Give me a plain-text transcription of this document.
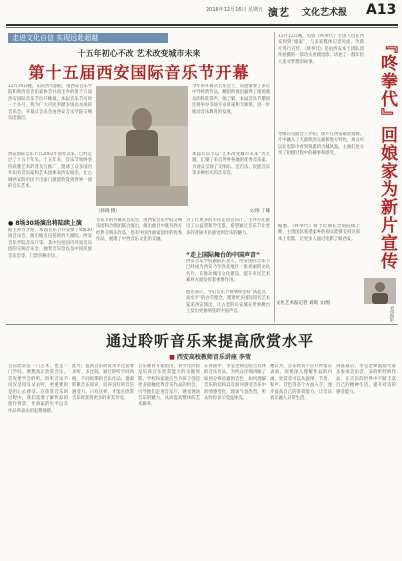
2016年12月16日 星期五 演艺 文化艺术报 A13
走进文化自信 实现远赴超越
十五年初心不改 艺术改变城市未来
第十五届西安国际音乐节开幕
12月10日晚，在陕西大剧院，由西安音乐学院和陕西省音乐家协会共同主办的第十五届西安国际音乐节拉开帷幕。本届音乐节历时一个多月，将为广大市民奉献多场高水准的音乐会。开幕式音乐会由西安音乐学院交响乐团演出。
西安国际音乐节自2002年创办以来，已经走过了十五个年头。十五年来，音乐节始终坚持高雅艺术的普及与推广，邀请了众多国内外知名音乐家和艺术团体来西安演出，让古城西安的市民不出家门就能欣赏到世界一流的音乐艺术。
今年的开幕式音乐会上，乐团演奏了多首中外经典作品，精彩的演出赢得了现场观众的阵阵掌声。据了解，本届音乐节期间还将举办多场专业讲座和大师班，进一步推动音乐教育的发展。
本届音乐节以“艺术改变城市未来”为主题，汇聚了来自世界各地的优秀音乐家，为观众呈现了交响乐、室内乐、民族音乐等多种形式的音乐会。
（韩晓 摄）	文/图 丁娜
● 8场30场演出将陆续上演
据主办方介绍，本届音乐节共安排了8场30场音乐会，演出地点包括陕西大剧院、西安音乐学院音乐厅等。其中包括国内外知名乐团的交响音乐会、独奏音乐会以及中国民族音乐会等，门票价格亲民。
音乐节的开幕式音乐会，由西安音乐学院交响乐团和合唱团联合演出，演出曲目中既有西方经典交响乐作品，也有中国作曲家创作的优秀作品，展现了中西音乐文化的交融。
为了让更多的市民走进音乐厅，主办方还推出了公益票和学生票，希望通过音乐节让更多的普通市民感受到音乐的魅力。
“走上国际舞台的中国声音”
西安音乐学院副院长表示，西安国际音乐节已经成为西安乃至西北地区一张亮丽的文化名片，在推动城市文化建设、提升市民艺术素养方面发挥着重要作用。
他还表示，今后音乐节将继续坚持“高起点、高水平”的办节理念，邀请更多国际知名艺术家来西安演出，让古老的长安城在世界舞台上发出更加响亮的中国声音。
『咚拳代』回娘家为新片宣传
12月12日晚，电影《咚拳代》主创人员在西安回到“娘家”，与多家媒体记者见面，为新片进行宣传。《咚拳代》是由西安本土团队创作拍摄的一部功夫喜剧电影，讲述了一群年轻人追寻梦想的故事。
导演在见面会上介绍，影片在西安取景拍摄，片中融入了大量陕西元素和地方特色，观众可以在电影中看到熟悉的古城风貌。主演们也分享了拍摄过程中的趣事和感受。
据悉，《咚拳代》将于近期在全国院线上映，主创团队希望家乡的观众能够支持这部本土电影，让更多人通过电影了解西安。
文化艺术报记者 刘琪 文/图
刘琪摄影
通过聆听音乐来提高欣赏水平
■ 西安高校教师音乐讲座 李莹
音乐欣赏是一门艺术，也是一门学问。要想真正欣赏音乐，首先要学会聆听。聆听音乐不仅仅是用耳朵去听，更重要的是用心去感受。在欣赏音乐的过程中，我们需要了解作品的创作背景、作曲家的生平以及作品所表达的思想情感。
此外，提高音乐欣赏水平还需要多听、多比较。通过聆听不同风格、不同时期的音乐作品，逐渐积累音乐知识，培养良好的音乐感受力。只有这样，才能在欣赏音乐时获得更多的审美享受。
音乐教育专家指出，青少年阶段是培养音乐欣赏能力的关键时期。学校和家庭应当为孩子创造更多接触优秀音乐作品的机会，引导他们走进音乐厅，感受现场音乐的魅力，从而提高整体的艺术修养。
在讲座中，李莹老师还结合具体的音乐作品，为听众详细讲解了如何分辨乐器的音色、如何理解音乐的结构以及如何感受音乐中的情感变化，现场气氛热烈，听众纷纷表示受益匪浅。
她认为，音乐欣赏不应只停留在表面，而要深入理解作品的内涵。欣赏者可以从旋律、节奏、和声、音色等多个方面入手，逐步提高自己的鉴赏能力，让音乐真正融入日常生活。
讲座最后，李莹老师鼓励大家多参加音乐会、多聆听经典作品，在音乐的世界中不断丰富自己的精神生活，提升对美的感受能力。
